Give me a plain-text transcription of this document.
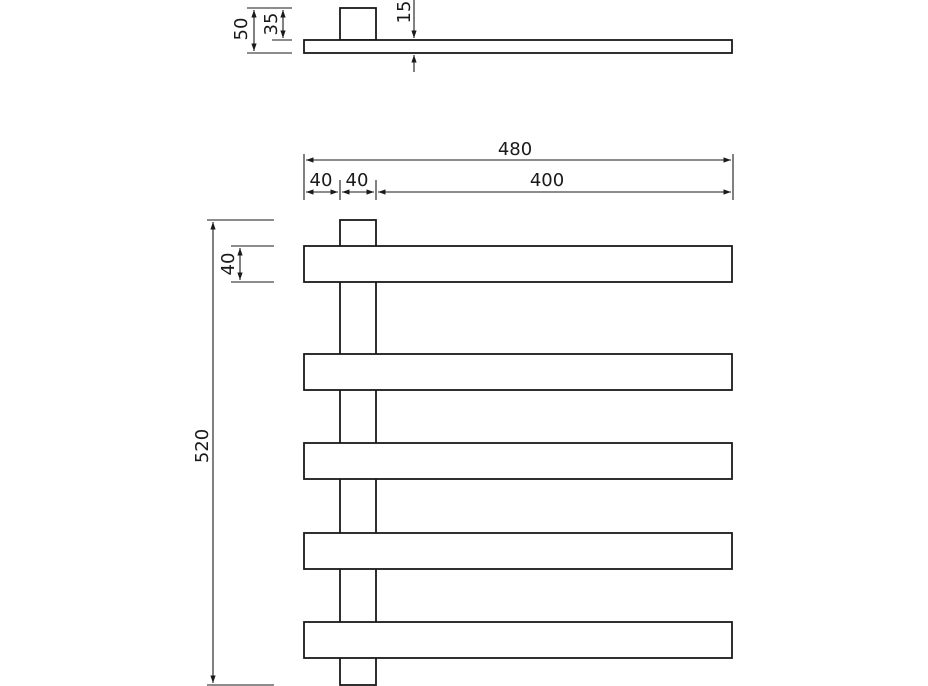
50 35
15
480
40 40	400
40
520
